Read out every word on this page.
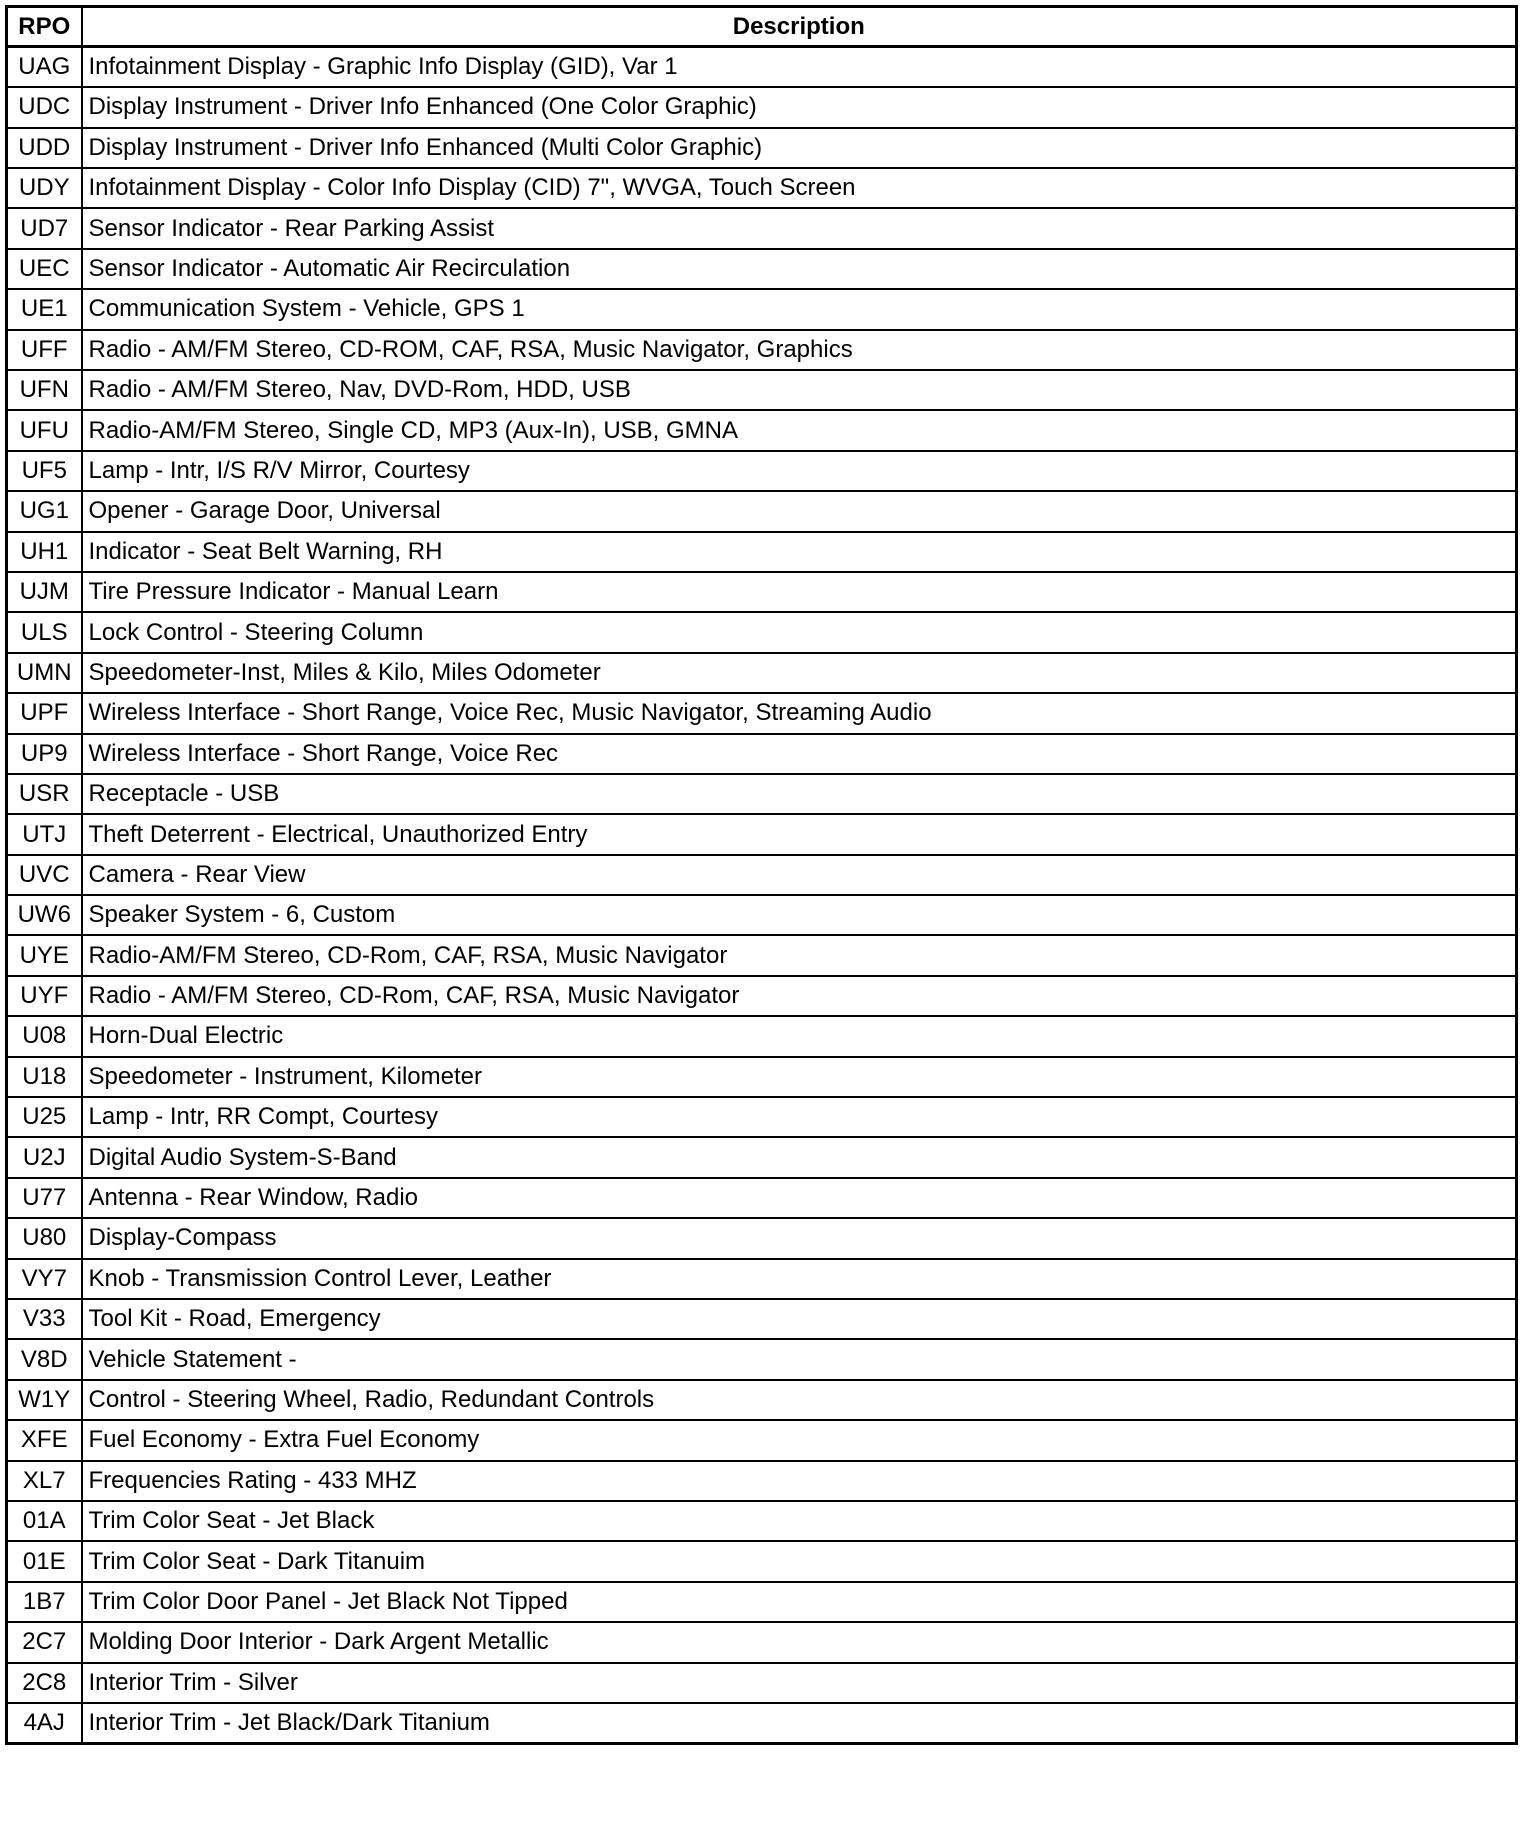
RPO	Description
UAG	Infotainment Display - Graphic Info Display (GID), Var 1
UDC	Display Instrument - Driver Info Enhanced (One Color Graphic)
UDD	Display Instrument - Driver Info Enhanced (Multi Color Graphic)
UDY	Infotainment Display - Color Info Display (CID) 7", WVGA, Touch Screen
UD7	Sensor Indicator - Rear Parking Assist
UEC	Sensor Indicator - Automatic Air Recirculation
UE1	Communication System - Vehicle, GPS 1
UFF	Radio - AM/FM Stereo, CD-ROM, CAF, RSA, Music Navigator, Graphics
UFN	Radio - AM/FM Stereo, Nav, DVD-Rom, HDD, USB
UFU	Radio-AM/FM Stereo, Single CD, MP3 (Aux-In), USB, GMNA
UF5	Lamp - Intr, I/S R/V Mirror, Courtesy
UG1	Opener - Garage Door, Universal
UH1	Indicator - Seat Belt Warning, RH
UJM	Tire Pressure Indicator - Manual Learn
ULS	Lock Control - Steering Column
UMN	Speedometer-Inst, Miles & Kilo, Miles Odometer
UPF	Wireless Interface - Short Range, Voice Rec, Music Navigator, Streaming Audio
UP9	Wireless Interface - Short Range, Voice Rec
USR	Receptacle - USB
UTJ	Theft Deterrent - Electrical, Unauthorized Entry
UVC	Camera - Rear View
UW6	Speaker System - 6, Custom
UYE	Radio-AM/FM Stereo, CD-Rom, CAF, RSA, Music Navigator
UYF	Radio - AM/FM Stereo, CD-Rom, CAF, RSA, Music Navigator
U08	Horn-Dual Electric
U18	Speedometer - Instrument, Kilometer
U25	Lamp - Intr, RR Compt, Courtesy
U2J	Digital Audio System-S-Band
U77	Antenna - Rear Window, Radio
U80	Display-Compass
VY7	Knob - Transmission Control Lever, Leather
V33	Tool Kit - Road, Emergency
V8D	Vehicle Statement -
W1Y	Control - Steering Wheel, Radio, Redundant Controls
XFE	Fuel Economy - Extra Fuel Economy
XL7	Frequencies Rating - 433 MHZ
01A	Trim Color Seat - Jet Black
01E	Trim Color Seat - Dark Titanuim
1B7	Trim Color Door Panel - Jet Black Not Tipped
2C7	Molding Door Interior - Dark Argent Metallic
2C8	Interior Trim - Silver
4AJ	Interior Trim - Jet Black/Dark Titanium
